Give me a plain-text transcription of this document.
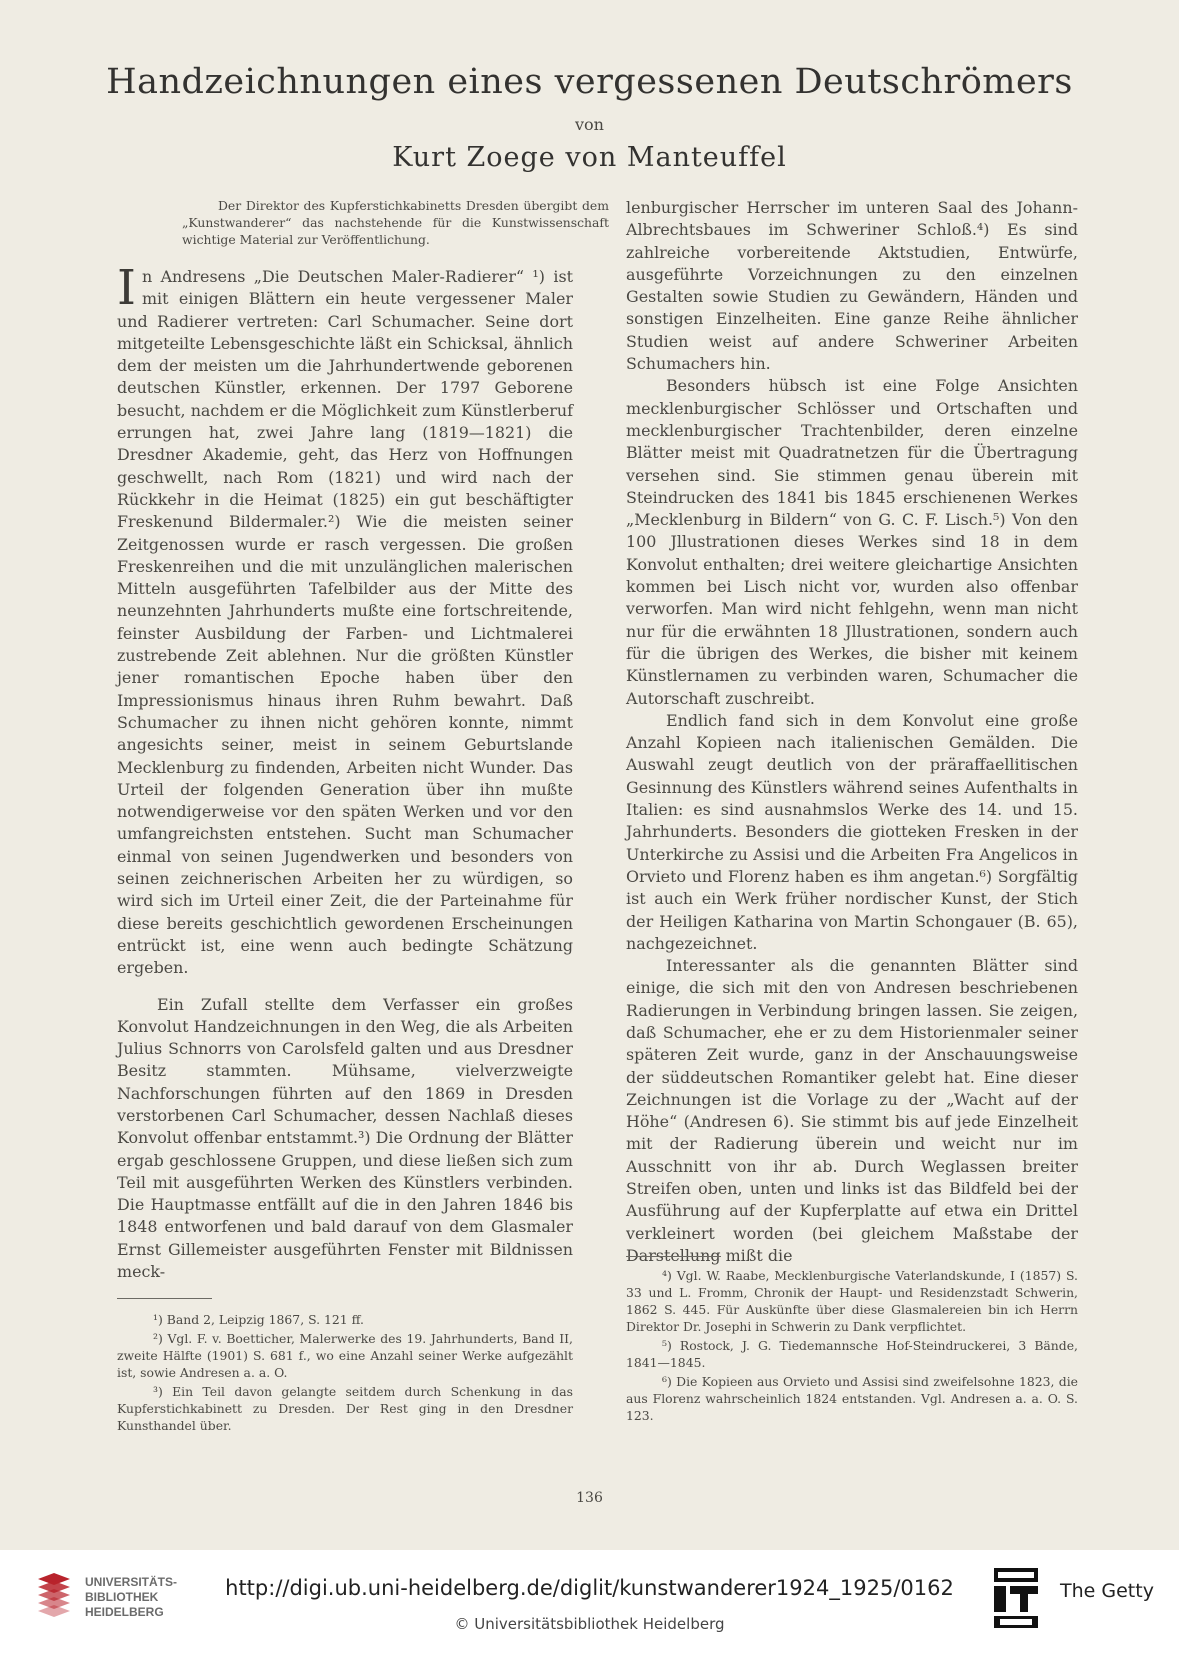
Handzeichnungen eines vergessenen Deutschrömers
von
Kurt Zoege von Manteuffel

Der Direktor des Kupferstichkabinetts Dresden übergibt dem „Kunstwanderer“ das nachstehende für die Kunstwissenschaft wichtige Material zur Veröffentlichung.

In Andresens „Die Deutschen Maler-Radierer“ ¹) ist mit einigen Blättern ein heute vergessener Maler und Radierer vertreten: Carl Schumacher. Seine dort mitgeteilte Lebensgeschichte läßt ein Schicksal, ähnlich dem der meisten um die Jahrhundertwende geborenen deutschen Künstler, erkennen. Der 1797 Geborene besucht, nachdem er die Möglichkeit zum Künstlerberuf errungen hat, zwei Jahre lang (1819—1821) die Dresdner Akademie, geht, das Herz von Hoffnungen geschwellt, nach Rom (1821) und wird nach der Rückkehr in die Heimat (1825) ein gut beschäftigter Freskenund Bildermaler.²) Wie die meisten seiner Zeitgenossen wurde er rasch vergessen. Die großen Freskenreihen und die mit unzulänglichen malerischen Mitteln ausgeführten Tafelbilder aus der Mitte des neunzehnten Jahrhunderts mußte eine fortschreitende, feinster Ausbildung der Farben- und Lichtmalerei zustrebende Zeit ablehnen. Nur die größten Künstler jener romantischen Epoche haben über den Impressionismus hinaus ihren Ruhm bewahrt. Daß Schumacher zu ihnen nicht gehören konnte, nimmt angesichts seiner, meist in seinem Geburtslande Mecklenburg zu findenden, Arbeiten nicht Wunder. Das Urteil der folgenden Generation über ihn mußte notwendigerweise vor den späten Werken und vor den umfangreichsten entstehen. Sucht man Schumacher einmal von seinen Jugendwerken und besonders von seinen zeichnerischen Arbeiten her zu würdigen, so wird sich im Urteil einer Zeit, die der Parteinahme für diese bereits geschichtlich gewordenen Erscheinungen entrückt ist, eine wenn auch bedingte Schätzung ergeben.

Ein Zufall stellte dem Verfasser ein großes Konvolut Handzeichnungen in den Weg, die als Arbeiten Julius Schnorrs von Carolsfeld galten und aus Dresdner Besitz stammten. Mühsame, vielverzweigte Nachforschungen führten auf den 1869 in Dresden verstorbenen Carl Schumacher, dessen Nachlaß dieses Konvolut offenbar entstammt.³) Die Ordnung der Blätter ergab geschlossene Gruppen, und diese ließen sich zum Teil mit ausgeführten Werken des Künstlers verbinden. Die Hauptmasse entfällt auf die in den Jahren 1846 bis 1848 entworfenen und bald darauf von dem Glasmaler Ernst Gillemeister ausgeführten Fenster mit Bildnissen meck-

¹) Band 2, Leipzig 1867, S. 121 ff.

²) Vgl. F. v. Boetticher, Malerwerke des 19. Jahrhunderts, Band II, zweite Hälfte (1901) S. 681 f., wo eine Anzahl seiner Werke aufgezählt ist, sowie Andresen a. a. O.

³) Ein Teil davon gelangte seitdem durch Schenkung in das Kupferstichkabinett zu Dresden. Der Rest ging in den Dresdner Kunsthandel über.

lenburgischer Herrscher im unteren Saal des Johann-Albrechtsbaues im Schweriner Schloß.⁴) Es sind zahlreiche vorbereitende Aktstudien, Entwürfe, ausgeführte Vorzeichnungen zu den einzelnen Gestalten sowie Studien zu Gewändern, Händen und sonstigen Einzelheiten. Eine ganze Reihe ähnlicher Studien weist auf andere Schweriner Arbeiten Schumachers hin.

Besonders hübsch ist eine Folge Ansichten mecklenburgischer Schlösser und Ortschaften und mecklenburgischer Trachtenbilder, deren einzelne Blätter meist mit Quadratnetzen für die Übertragung versehen sind. Sie stimmen genau überein mit Steindrucken des 1841 bis 1845 erschienenen Werkes „Mecklenburg in Bildern“ von G. C. F. Lisch.⁵) Von den 100 Jllustrationen dieses Werkes sind 18 in dem Konvolut enthalten; drei weitere gleichartige Ansichten kommen bei Lisch nicht vor, wurden also offenbar verworfen. Man wird nicht fehlgehn, wenn man nicht nur für die erwähnten 18 Jllustrationen, sondern auch für die übrigen des Werkes, die bisher mit keinem Künstlernamen zu verbinden waren, Schumacher die Autorschaft zuschreibt.

Endlich fand sich in dem Konvolut eine große Anzahl Kopieen nach italienischen Gemälden. Die Auswahl zeugt deutlich von der präraffaellitischen Gesinnung des Künstlers während seines Aufenthalts in Italien: es sind ausnahmslos Werke des 14. und 15. Jahrhunderts. Besonders die giotteken Fresken in der Unterkirche zu Assisi und die Arbeiten Fra Angelicos in Orvieto und Florenz haben es ihm angetan.⁶) Sorgfältig ist auch ein Werk früher nordischer Kunst, der Stich der Heiligen Katharina von Martin Schongauer (B. 65), nachgezeichnet.

Interessanter als die genannten Blätter sind einige, die sich mit den von Andresen beschriebenen Radierungen in Verbindung bringen lassen. Sie zeigen, daß Schumacher, ehe er zu dem Historienmaler seiner späteren Zeit wurde, ganz in der Anschauungsweise der süddeutschen Romantiker gelebt hat. Eine dieser Zeichnungen ist die Vorlage zu der „Wacht auf der Höhe“ (Andresen 6). Sie stimmt bis auf jede Einzelheit mit der Radierung überein und weicht nur im Ausschnitt von ihr ab. Durch Weglassen breiter Streifen oben, unten und links ist das Bildfeld bei der Ausführung auf der Kupferplatte auf etwa ein Drittel verkleinert worden (bei gleichem Maßstabe der Darstellung mißt die

⁴) Vgl. W. Raabe, Mecklenburgische Vaterlandskunde, I (1857) S. 33 und L. Fromm, Chronik der Haupt- und Residenzstadt Schwerin, 1862 S. 445. Für Auskünfte über diese Glasmalereien bin ich Herrn Direktor Dr. Josephi in Schwerin zu Dank verpflichtet.

⁵) Rostock, J. G. Tiedemannsche Hof-Steindruckerei, 3 Bände, 1841—1845.

⁶) Die Kopieen aus Orvieto und Assisi sind zweifelsohne 1823, die aus Florenz wahrscheinlich 1824 entstanden. Vgl. Andresen a. a. O. S. 123.

136
UNIVERSITÄTS-
BIBLIOTHEK
HEIDELBERG
http://digi.ub.uni-heidelberg.de/diglit/kunstwanderer1924_1925/0162
© Universitätsbibliothek Heidelberg
The Getty
